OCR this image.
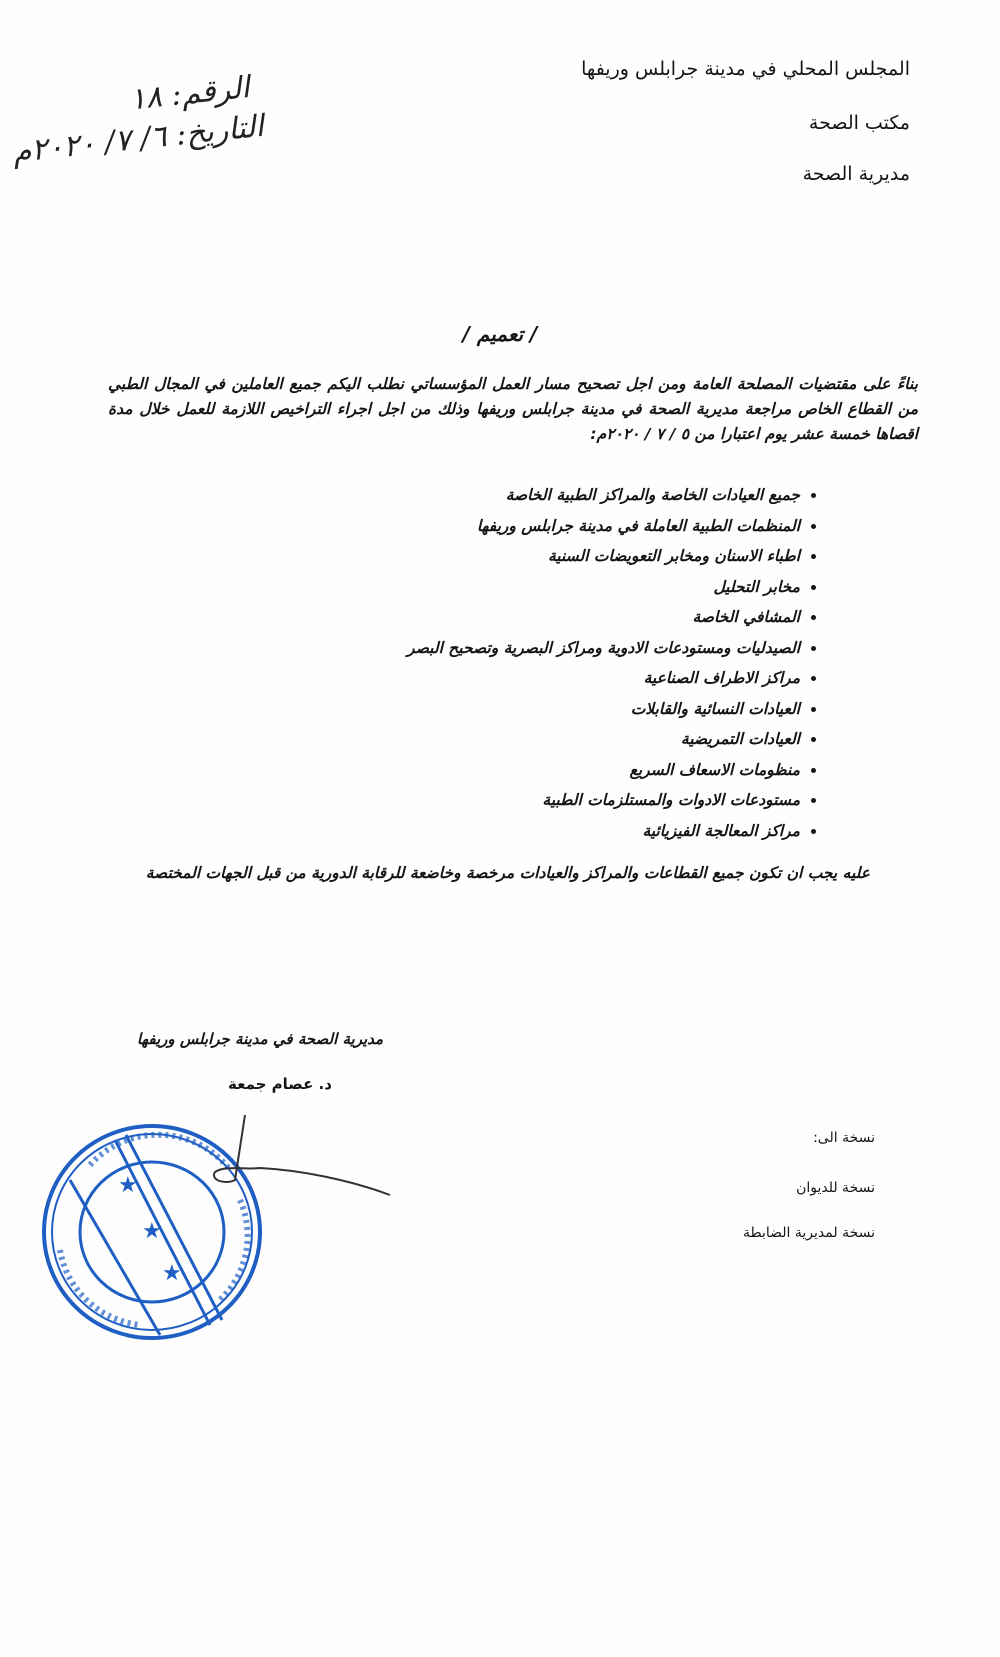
المجلس المحلي في مدينة جرابلس وريفها
مكتب الصحة
مديرية الصحة
الرقم: ١٨
التاريخ: ٦/ ٧/ ٢٠٢٠م
/ تعميم /
بناءً على مقتضيات المصلحة العامة ومن اجل تصحيح مسار العمل المؤسساتي نطلب اليكم جميع العاملين في المجال الطبي من القطاع الخاص مراجعة مديرية الصحة في مدينة جرابلس وريفها وذلك من اجل اجراء التراخيص اللازمة للعمل خلال مدة اقصاها خمسة عشر يوم اعتبارا من ٥ / ٧ / ٢٠٢٠م:
• جميع العيادات الخاصة والمراكز الطبية الخاصة
• المنظمات الطبية العاملة في مدينة جرابلس وريفها
• اطباء الاسنان ومخابر التعويضات السنية
• مخابر التحليل
• المشافي الخاصة
• الصيدليات ومستودعات الادوية ومراكز البصرية وتصحيح البصر
• مراكز الاطراف الصناعية
• العيادات النسائية والقابلات
• العيادات التمريضية
• منظومات الاسعاف السريع
• مستودعات الادوات والمستلزمات الطبية
• مراكز المعالجة الفيزيائية
عليه يجب ان تكون جميع القطاعات والمراكز والعيادات مرخصة وخاضعة للرقابة الدورية من قبل الجهات المختصة
مديرية الصحة في مدينة جرابلس وريفها
د. عصام جمعة
نسخة الى:
نسخة للديوان
نسخة لمديرية الضابطة
★
★
★
